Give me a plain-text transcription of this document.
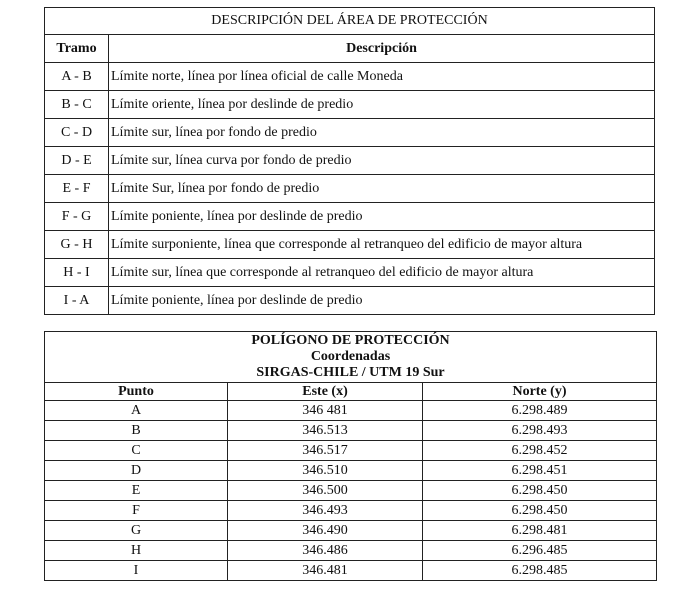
DESCRIPCIÓN DEL ÁREA DE PROTECCIÓN	
Tramo	Descripción
A - B	Límite norte, línea por línea oficial de calle Moneda
B - C	Límite oriente, línea por deslinde de predio
C - D	Límite sur, línea por fondo de predio
D - E	Límite sur, línea curva por fondo de predio
E - F	Límite Sur, línea por fondo de predio
F - G	Límite poniente, línea por deslinde de predio
G - H	Límite surponiente, línea que corresponde al retranqueo del edificio de mayor altura
H - I	Límite sur, línea que corresponde al retranqueo del edificio de mayor altura
I - A	Límite poniente, línea por deslinde de predio
POLÍGONO DE PROTECCIÓN
Coordenadas
SIRGAS-CHILE / UTM 19 Sur		

Punto	Este (x)	Norte (y)
A	346 481	6.298.489
B	346.513	6.298.493
C	346.517	6.298.452
D	346.510	6.298.451
E	346.500	6.298.450
F	346.493	6.298.450
G	346.490	6.298.481
H	346.486	6.296.485
I	346.481	6.298.485
